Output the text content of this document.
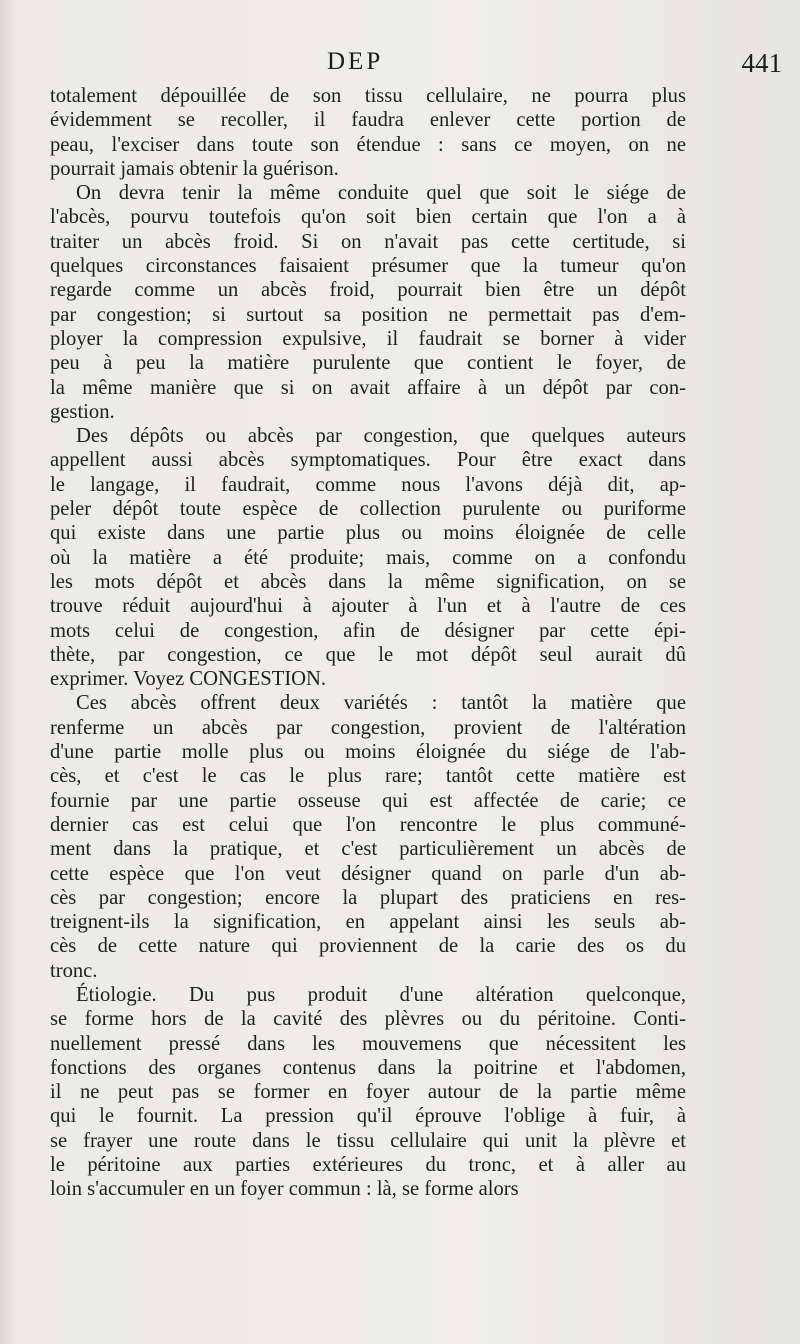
DEP	441
totalement dépouillée de son tissu cellulaire, ne pourra plus
évidemment se recoller, il faudra enlever cette portion de
peau, l'exciser dans toute son étendue : sans ce moyen, on ne
pourrait jamais obtenir la guérison.
On devra tenir la même conduite quel que soit le siége de
l'abcès, pourvu toutefois qu'on soit bien certain que l'on a à
traiter un abcès froid. Si on n'avait pas cette certitude, si
quelques circonstances faisaient présumer que la tumeur qu'on
regarde comme un abcès froid, pourrait bien être un dépôt
par congestion; si surtout sa position ne permettait pas d'em-
ployer la compression expulsive, il faudrait se borner à vider
peu à peu la matière purulente que contient le foyer, de
la même manière que si on avait affaire à un dépôt par con-
gestion.
Des dépôts ou abcès par congestion, que quelques auteurs
appellent aussi abcès symptomatiques. Pour être exact dans
le langage, il faudrait, comme nous l'avons déjà dit, ap-
peler dépôt toute espèce de collection purulente ou puriforme
qui existe dans une partie plus ou moins éloignée de celle
où la matière a été produite; mais, comme on a confondu
les mots dépôt et abcès dans la même signification, on se
trouve réduit aujourd'hui à ajouter à l'un et à l'autre de ces
mots celui de congestion, afin de désigner par cette épi-
thète, par congestion, ce que le mot dépôt seul aurait dû
exprimer. Voyez CONGESTION.
Ces abcès offrent deux variétés : tantôt la matière que
renferme un abcès par congestion, provient de l'altération
d'une partie molle plus ou moins éloignée du siége de l'ab-
cès, et c'est le cas le plus rare; tantôt cette matière est
fournie par une partie osseuse qui est affectée de carie; ce
dernier cas est celui que l'on rencontre le plus communé-
ment dans la pratique, et c'est particulièrement un abcès de
cette espèce que l'on veut désigner quand on parle d'un ab-
cès par congestion; encore la plupart des praticiens en res-
treignent-ils la signification, en appelant ainsi les seuls ab-
cès de cette nature qui proviennent de la carie des os du
tronc.
Étiologie. Du pus produit d'une altération quelconque,
se forme hors de la cavité des plèvres ou du péritoine. Conti-
nuellement pressé dans les mouvemens que nécessitent les
fonctions des organes contenus dans la poitrine et l'abdomen,
il ne peut pas se former en foyer autour de la partie même
qui le fournit. La pression qu'il éprouve l'oblige à fuir, à
se frayer une route dans le tissu cellulaire qui unit la plèvre et
le péritoine aux parties extérieures du tronc, et à aller au
loin s'accumuler en un foyer commun : là, se forme alors
